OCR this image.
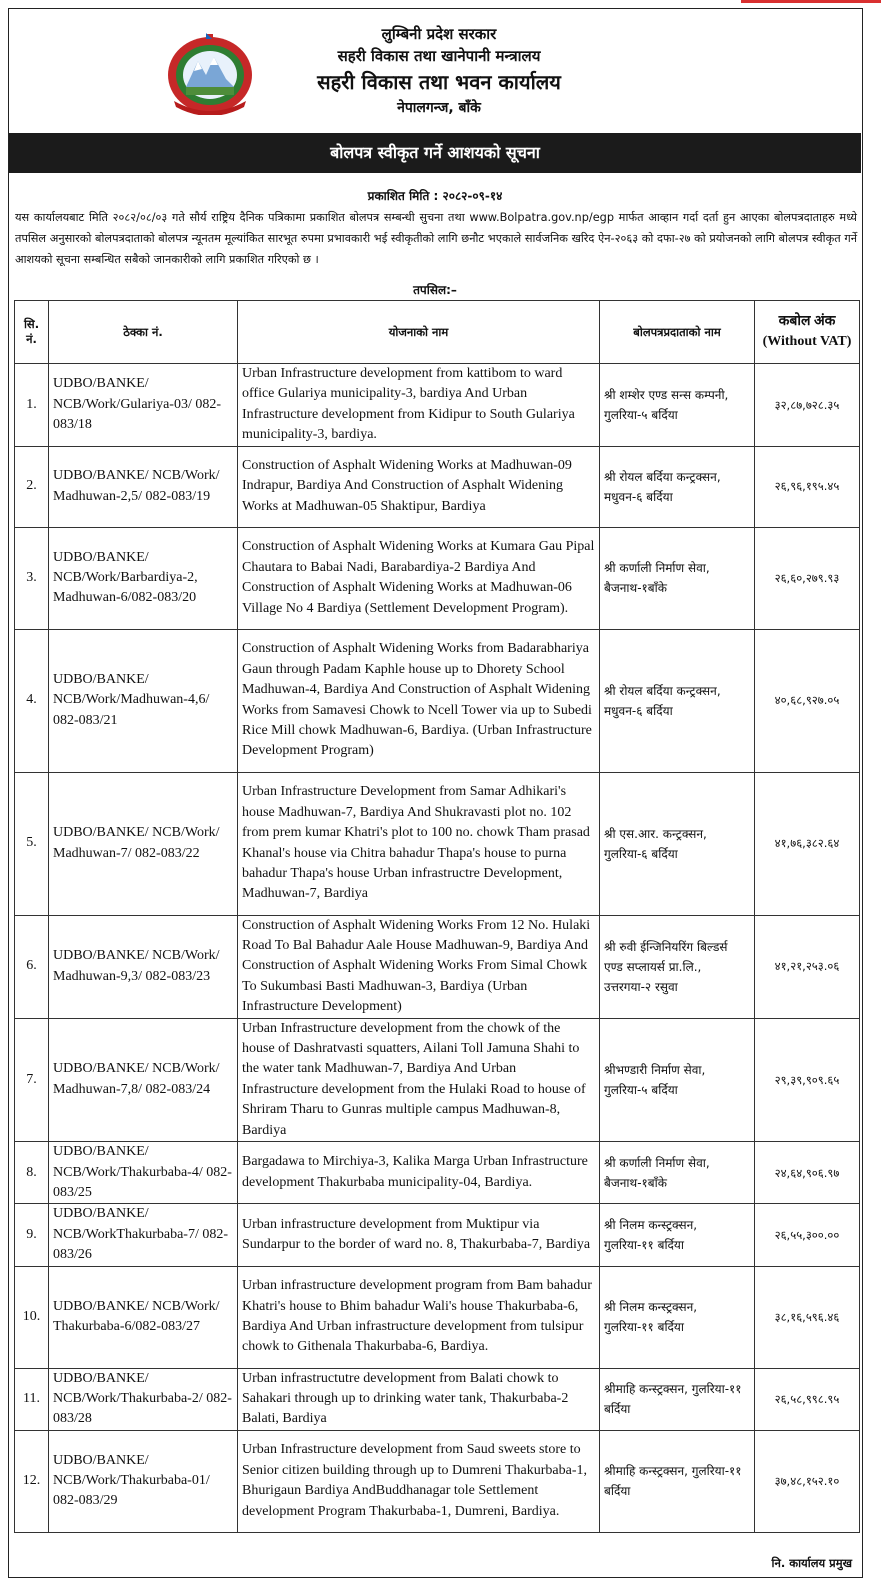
लुम्बिनी प्रदेश सरकार
सहरी विकास तथा खानेपानी मन्त्रालय
सहरी विकास तथा भवन कार्यालय
नेपालगन्ज, बाँके
बोलपत्र स्वीकृत गर्ने आशयको सूचना
प्रकाशित मिति : २०८२-०९-१४
यस कार्यालयबाट मिति २०८२/०८/०३ गते सौर्य राष्ट्रिय दैनिक पत्रिकामा प्रकाशित बोलपत्र सम्बन्धी सुचना तथा www.Bolpatra.gov.np/egp मार्फत आव्हान गर्दा दर्ता हुन आएका बोलपत्रदाताहरु मध्ये तपसिल अनुसारको बोलपत्रदाताको बोलपत्र न्यूनतम मूल्यांकित सारभूत रुपमा प्रभावकारी भई स्वीकृतीको लागि छनौट भएकाले सार्वजनिक खरिद ऐन-२०६३ को दफा-२७ को प्रयोजनको लागि बोलपत्र स्वीकृत गर्ने आशयको सूचना सम्बन्धित सबैको जानकारीको लागि प्रकाशित गरिएको छ ।
तपसिल:–
सि. नं.	ठेक्का नं.	योजनाको नाम	बोलपत्रप्रदाताको नाम	कबोल अंक (Without VAT)
1.	UDBO/BANKE/ NCB/Work/Gulariya-03/ 082-083/18	Urban Infrastructure development from kattibom to ward office Gulariya municipality-3, bardiya And Urban Infrastructure development from Kidipur to South Gulariya municipality-3, bardiya.	श्री शम्शेर एण्ड सन्स कम्पनी, गुलरिया-५ बर्दिया	३२,८७,७२८.३५
2.	UDBO/BANKE/ NCB/Work/ Madhuwan-2,5/ 082-083/19	Construction of Asphalt Widening Works at Madhuwan-09 Indrapur, Bardiya And Construction of Asphalt Widening Works at Madhuwan-05 Shaktipur, Bardiya	श्री रोयल बर्दिया कन्ट्रक्सन, मधुवन-६ बर्दिया	२६,९६,१९५.४५
3.	UDBO/BANKE/ NCB/Work/Barbardiya-2, Madhuwan-6/082-083/20	Construction of Asphalt Widening Works at Kumara Gau Pipal Chautara to Babai Nadi, Barabardiya-2 Bardiya And Construction of Asphalt Widening Works at Madhuwan-06 Village No 4 Bardiya (Settlement Development Program).	श्री कर्णाली निर्माण सेवा, बैजनाथ-१बाँके	२६,६०,२७९.९३
4.	UDBO/BANKE/ NCB/Work/Madhuwan-4,6/ 082-083/21	Construction of Asphalt Widening Works from Badarabhariya Gaun through Padam Kaphle house up to Dhorety School Madhuwan-4, Bardiya And Construction of Asphalt Widening Works from Samavesi Chowk to Ncell Tower via up to Subedi Rice Mill chowk Madhuwan-6, Bardiya. (Urban Infrastructure Development Program)	श्री रोयल बर्दिया कन्ट्रक्सन, मधुवन-६ बर्दिया	४०,६८,९२७.०५
5.	UDBO/BANKE/ NCB/Work/ Madhuwan-7/ 082-083/22	Urban Infrastructure Development from Samar Adhikari's house Madhuwan-7, Bardiya And Shukravasti plot no. 102 from prem kumar Khatri's plot to 100 no. chowk Tham prasad Khanal's house via Chitra bahadur Thapa's house to purna bahadur Thapa's house Urban infrastructre Development, Madhuwan-7, Bardiya	श्री एस.आर. कन्ट्रक्सन, गुलरिया-६ बर्दिया	४१,७६,३८२.६४
6.	UDBO/BANKE/ NCB/Work/ Madhuwan-9,3/ 082-083/23	Construction of Asphalt Widening Works From 12 No. Hulaki Road To Bal Bahadur Aale House Madhuwan-9, Bardiya And Construction of Asphalt Widening Works From Simal Chowk To Sukumbasi Basti Madhuwan-3, Bardiya (Urban Infrastructure Development)	श्री रुवी ईन्जिनियरिंग बिल्डर्स एण्ड सप्लायर्स प्रा.लि., उत्तरगया-२ रसुवा	४१,२१,२५३.०६
7.	UDBO/BANKE/ NCB/Work/ Madhuwan-7,8/ 082-083/24	Urban Infrastructure development from the chowk of the house of Dashratvasti squatters, Ailani Toll Jamuna Shahi to the water tank Madhuwan-7, Bardiya And Urban Infrastructure development from the Hulaki Road to house of Shriram Tharu to Gunras multiple campus Madhuwan-8, Bardiya	श्रीभण्डारी निर्माण सेवा, गुलरिया-५ बर्दिया	२९,३९,९०९.६५
8.	UDBO/BANKE/ NCB/Work/Thakurbaba-4/ 082-083/25	Bargadawa to Mirchiya-3, Kalika Marga Urban Infrastructure development Thakurbaba municipality-04, Bardiya.	श्री कर्णाली निर्माण सेवा, बैजनाथ-१बाँके	२४,६४,९०६.९७
9.	UDBO/BANKE/ NCB/WorkThakurbaba-7/ 082-083/26	Urban infrastructure development from Muktipur via Sundarpur to the border of ward no. 8, Thakurbaba-7, Bardiya	श्री निलम कन्स्ट्रक्सन, गुलरिया-११ बर्दिया	२६,५५,३००.००
10.	UDBO/BANKE/ NCB/Work/ Thakurbaba-6/082-083/27	Urban infrastructure development program from Bam bahadur Khatri's house to Bhim bahadur Wali's house Thakurbaba-6, Bardiya And Urban infrastructure development from tulsipur chowk to Githenala Thakurbaba-6, Bardiya.	श्री निलम कन्स्ट्रक्सन, गुलरिया-११ बर्दिया	३८,१६,५९६.४६
11.	UDBO/BANKE/ NCB/Work/Thakurbaba-2/ 082-083/28	Urban infrastructutre development from Balati chowk to Sahakari through up to drinking water tank, Thakurbaba-2 Balati, Bardiya	श्रीमाहि कन्स्ट्रक्सन, गुलरिया-११ बर्दिया	२६,५८,९९८.९५
12.	UDBO/BANKE/ NCB/Work/Thakurbaba-01/ 082-083/29	Urban Infrastructure development from Saud sweets store to Senior citizen building through up to Dumreni Thakurbaba-1, Bhurigaun Bardiya AndBuddhanagar tole Settlement development Program Thakurbaba-1, Dumreni, Bardiya.	श्रीमाहि कन्स्ट्रक्सन, गुलरिया-११ बर्दिया	३७,४८,१५२.१०
नि. कार्यालय प्रमुख
